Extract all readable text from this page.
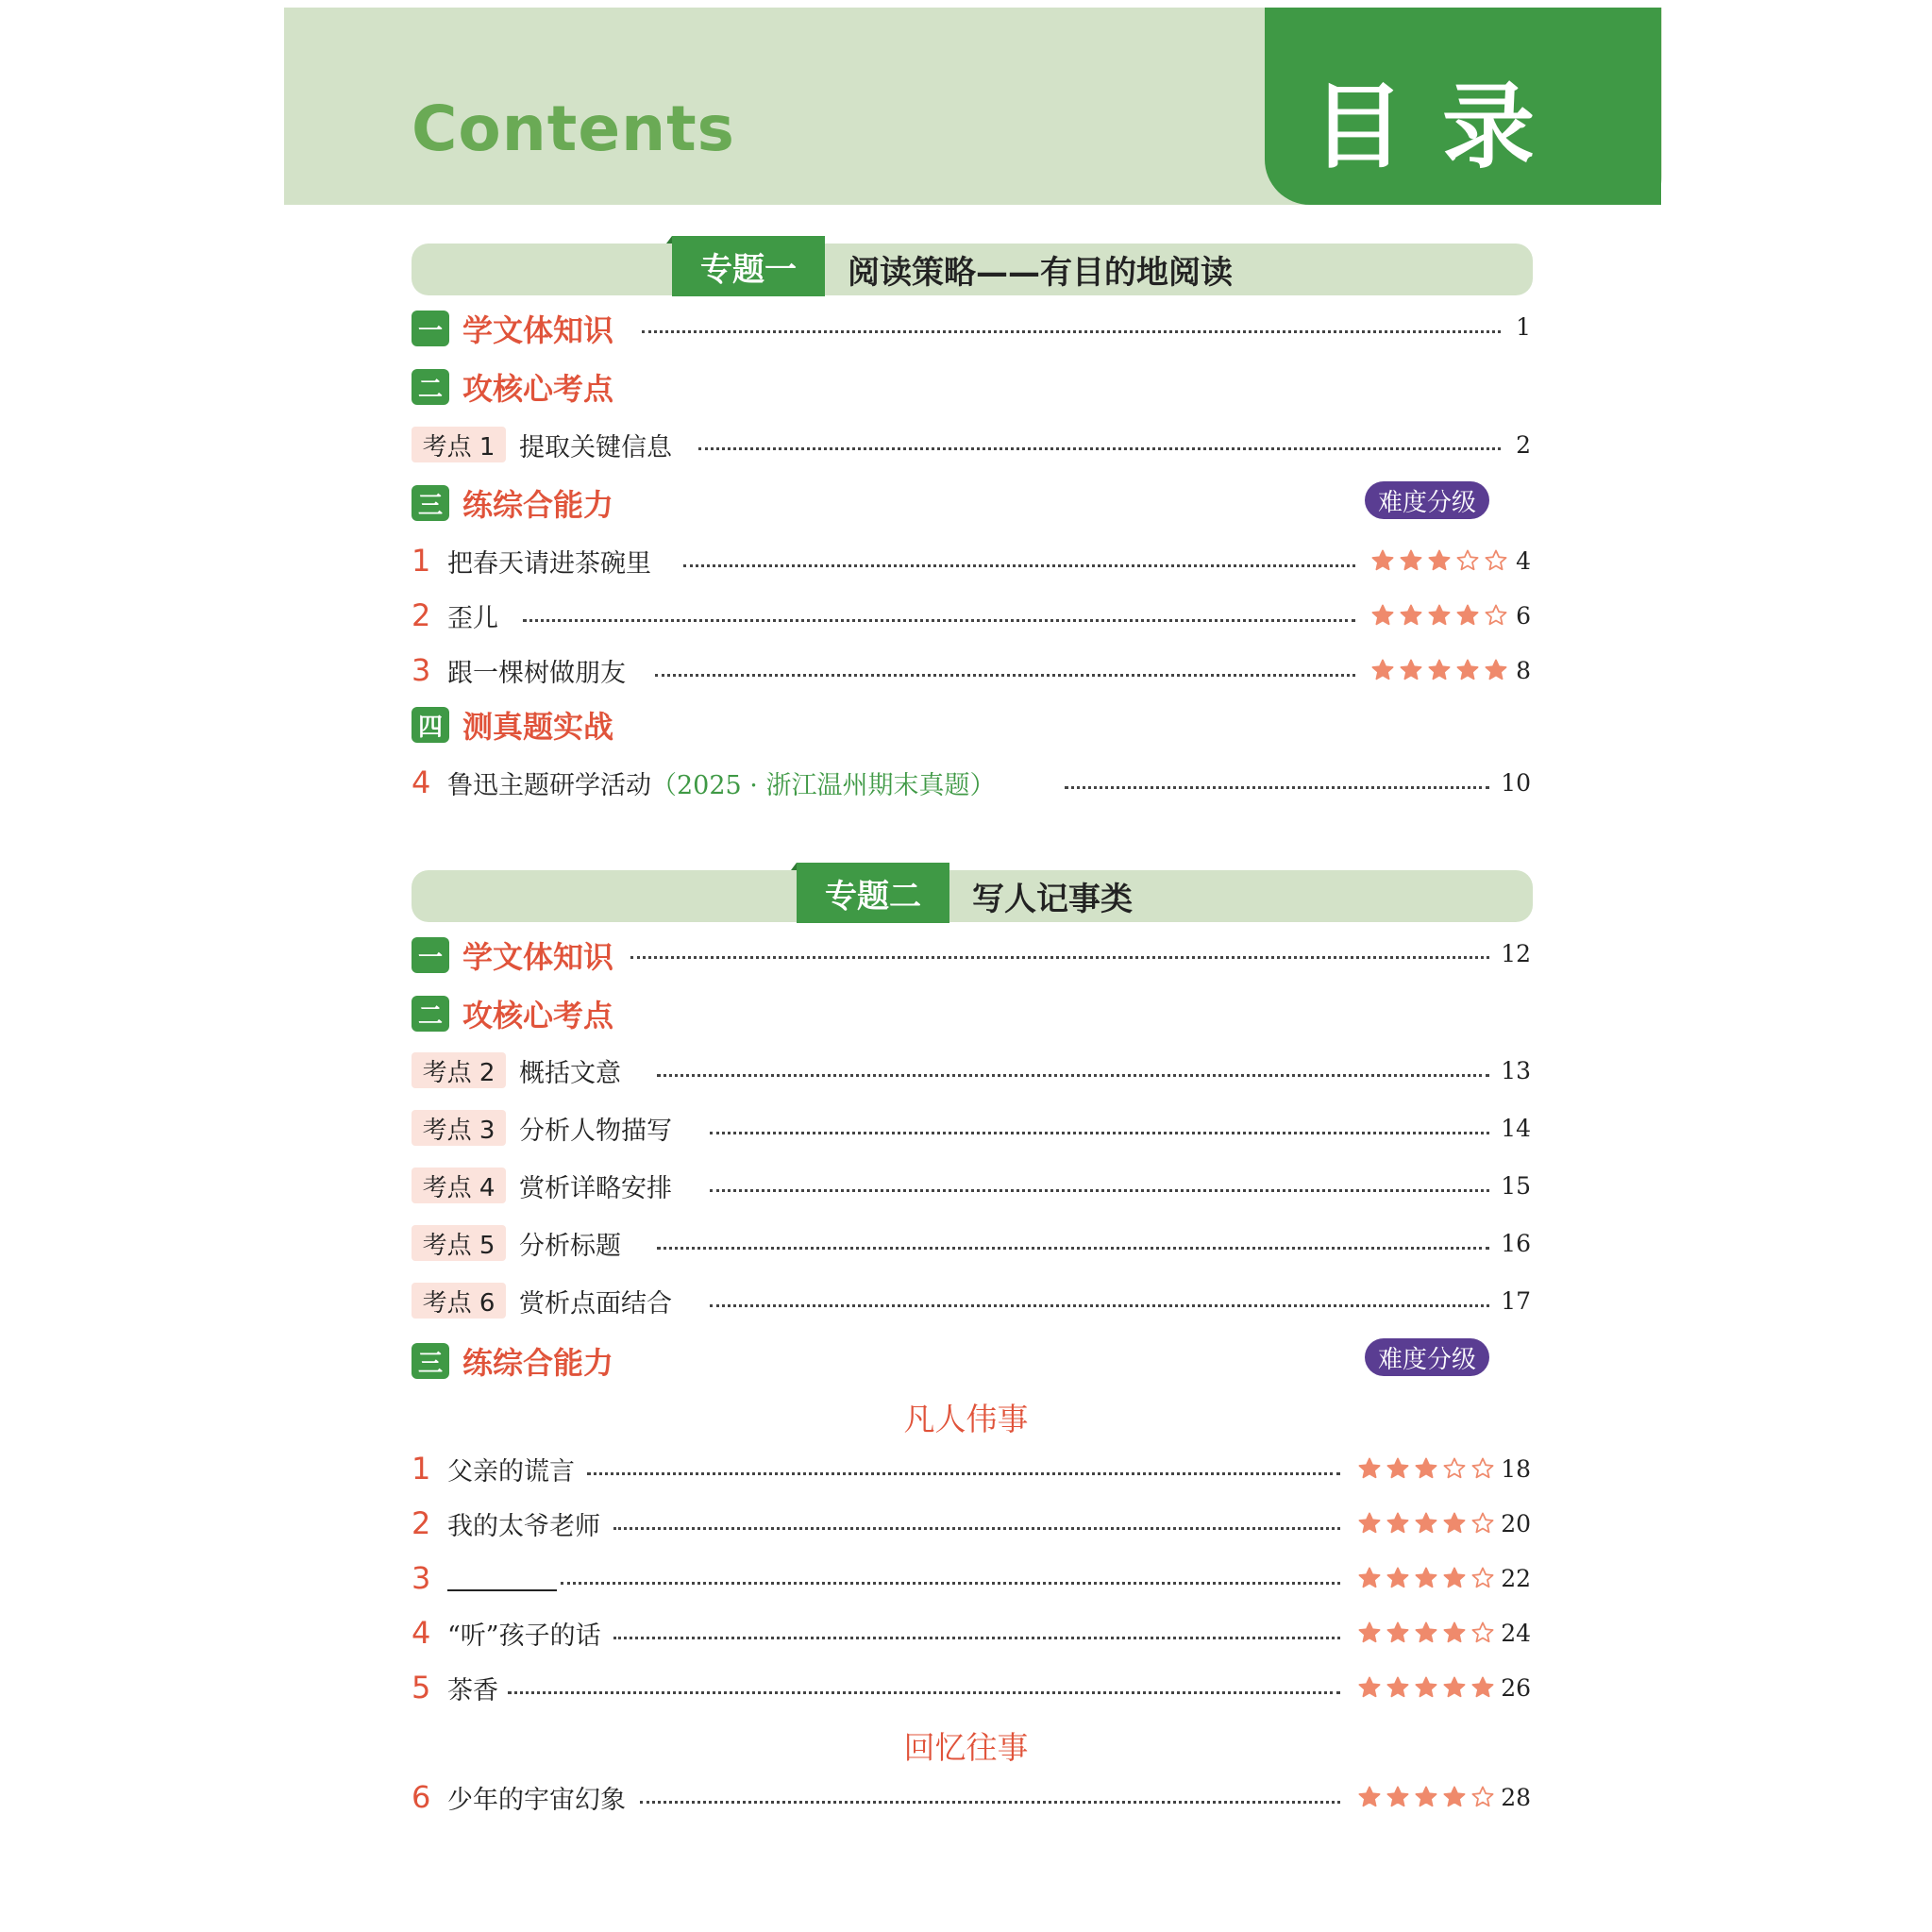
Contents	目录
专题一	阅读策略——有目的地阅读
一 学文体知识	1
二 攻核心考点
考点 1 提取关键信息	2
三 练综合能力	难度分级
1 把春天请进茶碗里	4
2 歪儿	6
3 跟一棵树做朋友	8
四 测真题实战
4 鲁迅主题研学活动 （2025 · 浙江温州期末真题）	10
专题二	写人记事类
一 学文体知识	12
二 攻核心考点
考点 2 概括文意	13
考点 3 分析人物描写	14
考点 4 赏析详略安排	15
考点 5 分析标题	16
考点 6 赏析点面结合	17
三 练综合能力	难度分级
凡人伟事
1 父亲的谎言	18
2 我的太爷老师	20
3	22
4 “听”孩子的话	24
5 茶香	26
回忆往事
6 少年的宇宙幻象	28
